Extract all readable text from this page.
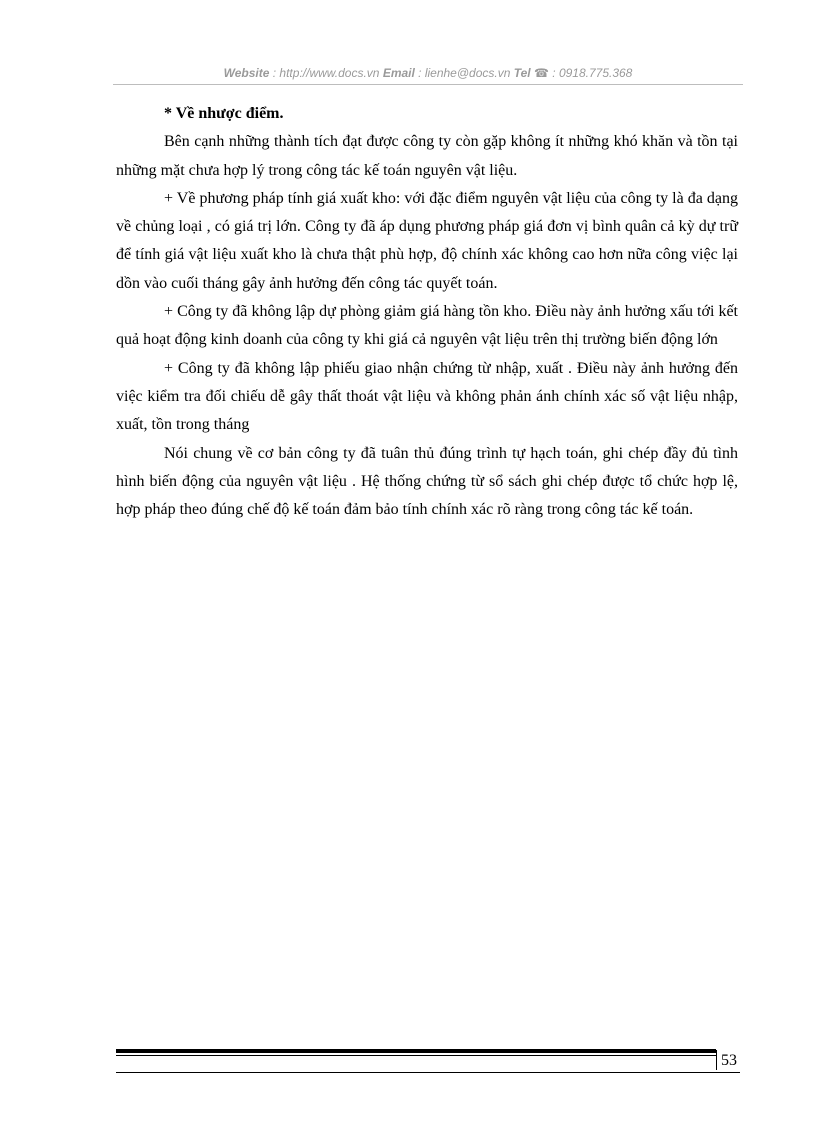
Website : http://www.docs.vn Email : lienhe@docs.vn Tel ☎ : 0918.775.368

* Về nhược điểm.

Bên cạnh những thành tích đạt được công ty còn gặp không ít những khó khăn và tồn tại những mặt chưa hợp lý trong công tác kế toán nguyên vật liệu.

+ Về phương pháp tính giá xuất kho: với đặc điểm nguyên vật liệu của công ty là đa dạng về chủng loại , có giá trị lớn. Công ty đã áp dụng phương pháp giá đơn vị bình quân cả kỳ dự trữ để tính giá vật liệu xuất kho là chưa thật phù hợp, độ chính xác không cao hơn nữa công việc lại dồn vào cuối tháng gây ảnh hưởng đến công tác quyết toán.

+ Công ty đã không lập dự phòng giảm giá hàng tồn kho. Điều này ảnh hưởng xấu tới kết quả hoạt động kinh doanh của công ty khi giá cả nguyên vật liệu trên thị trường biến động lớn

+ Công ty đã không lập phiếu giao nhận chứng từ nhập, xuất . Điều này ảnh hưởng đến việc kiểm tra đối chiếu dễ gây thất thoát vật liệu và không phản ánh chính xác số vật liệu nhập, xuất, tồn trong tháng

Nói chung về cơ bản công ty đã tuân thủ đúng trình tự hạch toán, ghi chép đầy đủ tình hình biến động của nguyên vật liệu . Hệ thống chứng từ sổ sách ghi chép được tổ chức hợp lệ, hợp pháp theo đúng chế độ kế toán đảm bảo tính chính xác rõ ràng trong công tác kế toán.

53
